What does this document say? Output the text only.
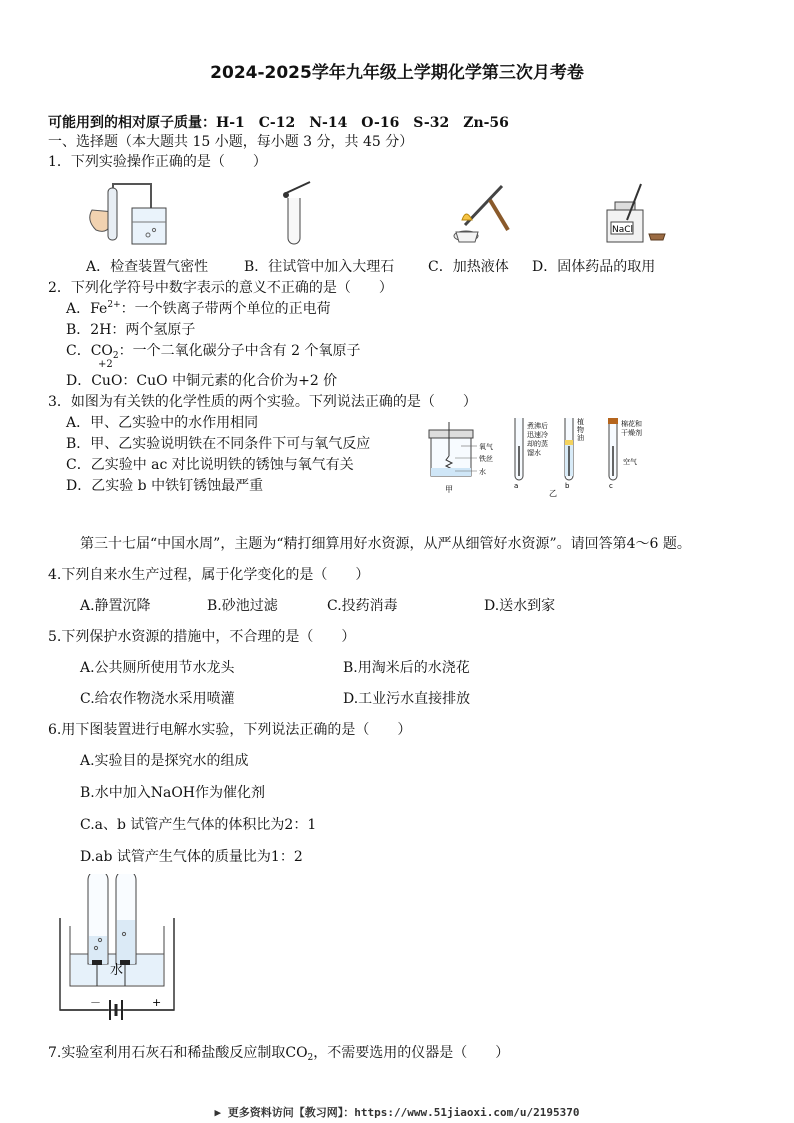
2024-2025学年九年级上学期化学第三次月考卷
可能用到的相对原子质量：H-1　C-12　N-14　O-16　S-32　Zn-56
一、选择题（本大题共 15 小题，每小题 3 分，共 45 分）
1．下列实验操作正确的是（　　）
NaCl
A．检查装置气密性	B．往试管中加入大理石 C．加热液体 D．固体药品的取用
2．下列化学符号中数字表示的意义不正确的是（　　）
A．$Fe^{2+}$：一个铁离子带两个单位的正电荷
B．2H：两个氢原子
C．$CO_2$：一个二氧化碳分子中含有 2 个氧原子
+2
D．CuO：CuO 中铜元素的化合价为+2 价
3．如图为有关铁的化学性质的两个实验。下列说法正确的是（　　）
A．甲、乙实验中的水作用相同
B．甲、乙实验说明铁在不同条件下可与氧气反应
C．乙实验中 ac 对比说明铁的锈蚀与氧气有关
D．乙实验 b 中铁钉锈蚀最严重
氧气
铁丝
水
甲	a
煮沸后
迅速冷
却的蒸
馏水
植
物
油
b
乙
棉花和
干燥剂
空气
c
第三十七届“中国水周”，主题为“精打细算用好水资源，从严从细管好水资源”。请回答第4～6 题。
4.下列自来水生产过程，属于化学变化的是（　　）
A.静置沉降	B.砂池过滤	C.投药消毒	D.送水到家
5.下列保护水资源的措施中，不合理的是（　　）
A.公共厕所使用节水龙头	B.用淘米后的水浇花
C.给农作物浇水采用喷灌	D.工业污水直接排放
6.用下图装置进行电解水实验，下列说法正确的是（　　）
A.实验目的是探究水的组成
B.水中加入NaOH作为催化剂
C.a、b 试管产生气体的体积比为2：1
D.ab 试管产生气体的质量比为1：2
水
－	+
7.实验室利用石灰石和稀盐酸反应制取$CO_2$，不需要选用的仪器是（　　）
▶ 更多资料访问【教习网】：https://www.51jiaoxi.com/u/2195370
